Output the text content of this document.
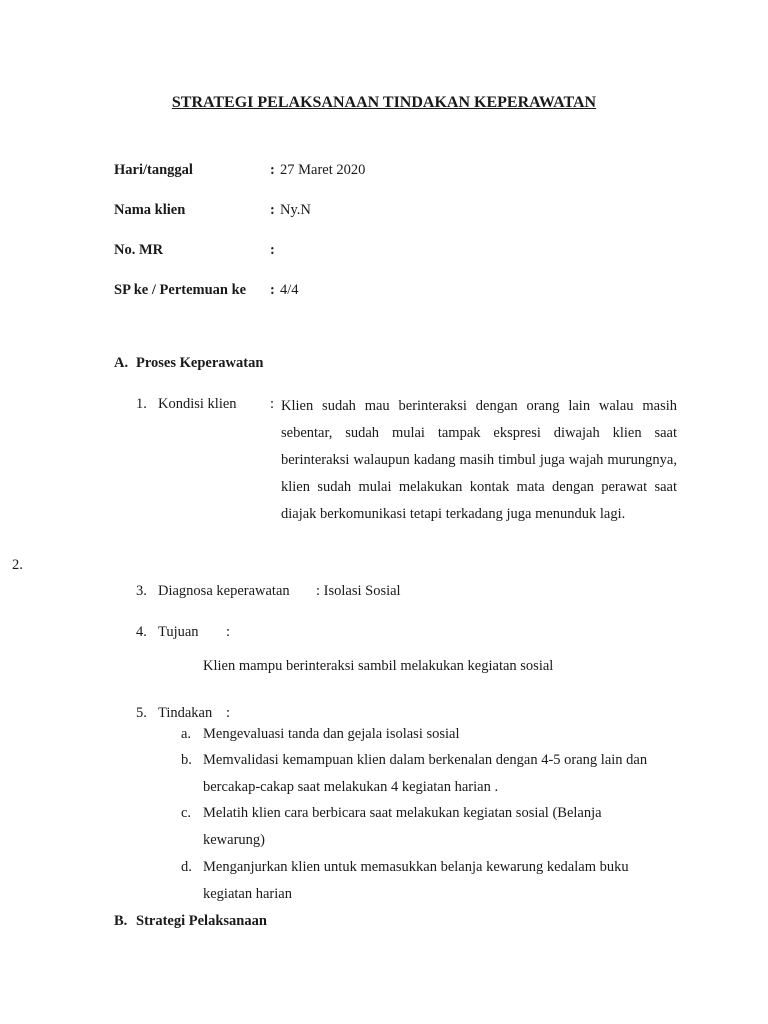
STRATEGI PELAKSANAAN TINDAKAN KEPERAWATAN
Hari/tanggal	: 27 Maret 2020
Nama klien	: Ny.N
No. MR	:
SP ke / Pertemuan ke : 4/4
A. Proses Keperawatan
1. Kondisi klien : Klien sudah mau berinteraksi dengan orang lain walau masih sebentar, sudah mulai tampak ekspresi diwajah klien saat berinteraksi walaupun kadang masih timbul juga wajah murungnya, klien sudah mulai melakukan kontak mata dengan perawat saat diajak berkomunikasi tetapi terkadang juga menunduk lagi.
2.
3. Diagnosa keperawatan : Isolasi Sosial
4. Tujuan :
Klien mampu berinteraksi sambil melakukan kegiatan sosial
5. Tindakan :
a. Mengevaluasi tanda dan gejala isolasi sosial
b. Memvalidasi kemampuan klien dalam berkenalan dengan 4-5 orang lain dan
bercakap-cakap saat melakukan 4 kegiatan harian .
c. Melatih klien cara berbicara saat melakukan kegiatan sosial (Belanja
kewarung)
d. Menganjurkan klien untuk memasukkan belanja kewarung kedalam buku
kegiatan harian
B. Strategi Pelaksanaan
